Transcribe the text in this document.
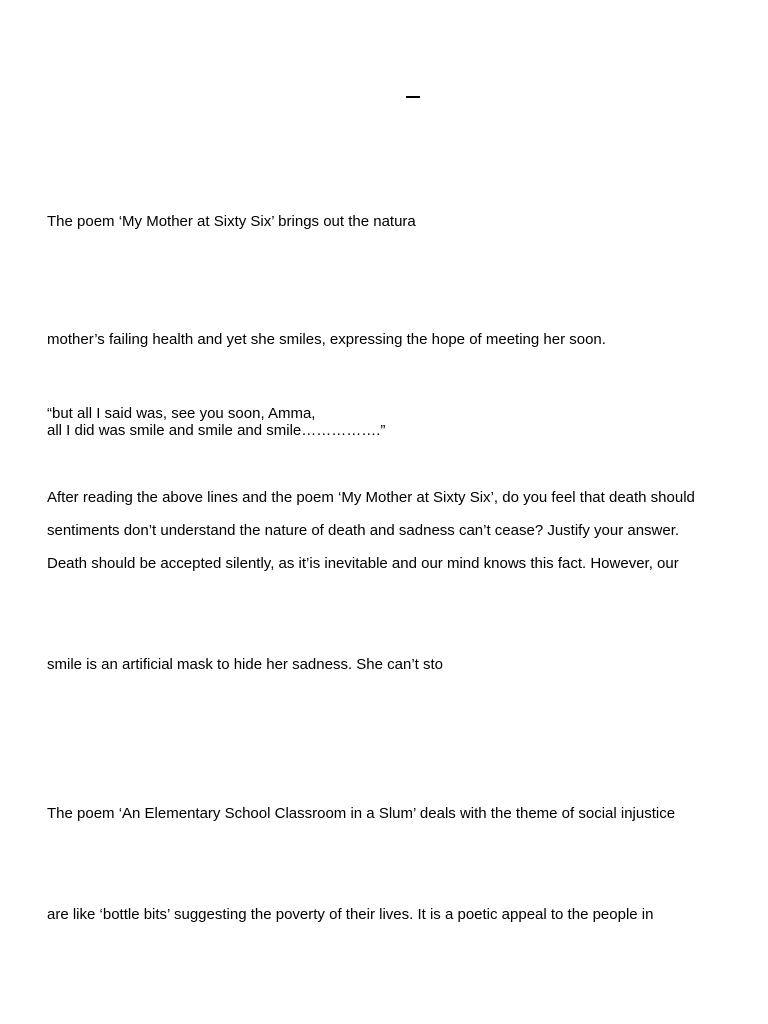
The poem ‘My Mother at Sixty Six’ brings out the natura
mother’s failing health and yet she smiles, expressing the hope of meeting her soon.
“but all I said was, see you soon, Amma,
all I did was smile and smile and smile…………….”
After reading the above lines and the poem ‘My Mother at Sixty Six’, do you feel that death should
sentiments don’t understand the nature of death and sadness can’t cease? Justify your answer.
Death should be accepted silently, as it’is inevitable and our mind knows this fact. However, our
smile is an artificial mask to hide her sadness. She can’t sto
The poem ‘An Elementary School Classroom in a Slum’ deals with the theme of social injustice
are like ‘bottle bits’ suggesting the poverty of their lives. It is a poetic appeal to the people in
